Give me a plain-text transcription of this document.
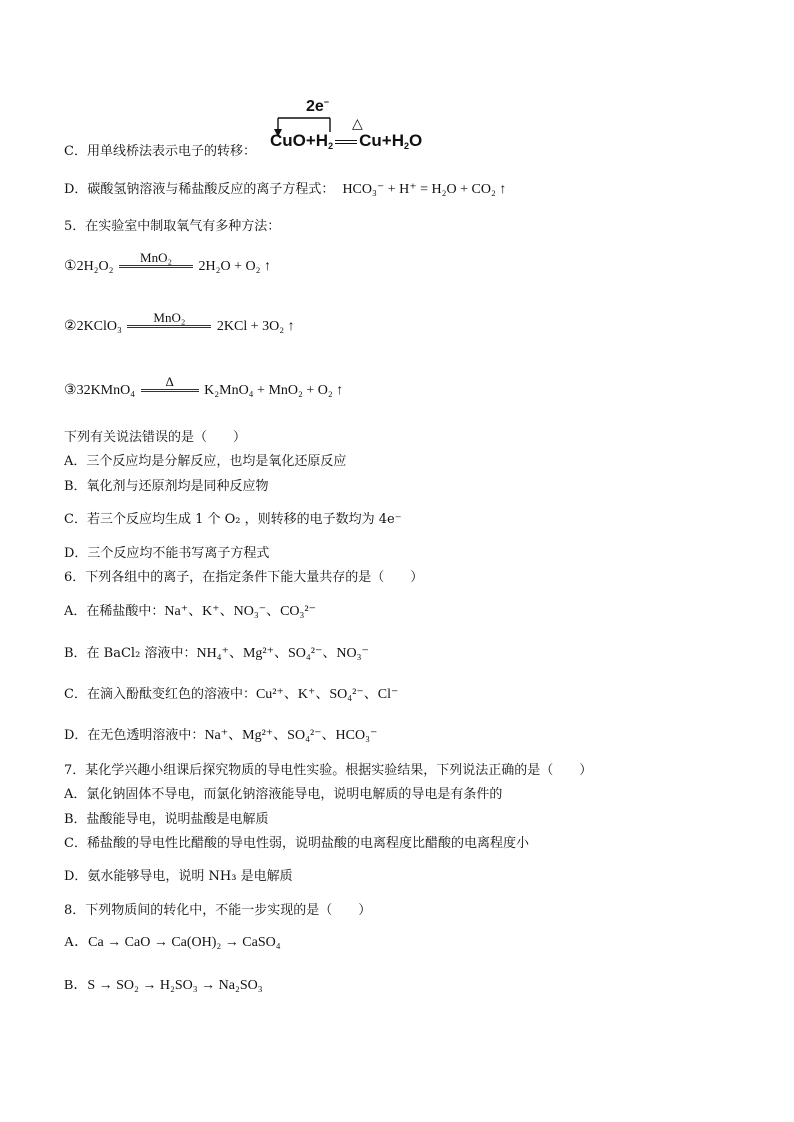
C．用单线桥法表示电子的转移：
2e−
△
$CuO+H_2$ $Cu+H_2O$
D．碳酸氢钠溶液与稀盐酸反应的离子方程式： HCO₃⁻ + H⁺ = H₂O + CO₂ ↑
5．在实验室中制取氧气有多种方法：
①2H₂O₂
MnO₂
2H₂O + O₂ ↑
②2KClO₃
MnO₂
2KCl + 3O₂ ↑
③32KMnO₄
Δ
K₂MnO₄ + MnO₂ + O₂ ↑
下列有关说法错误的是（　　）
A．三个反应均是分解反应，也均是氧化还原反应
B．氧化剂与还原剂均是同种反应物
C．若三个反应均生成 1 个 O₂ ，则转移的电子数均为 4e⁻
D．三个反应均不能书写离子方程式
6．下列各组中的离子，在指定条件下能大量共存的是（　　）
A．在稀盐酸中：Na⁺、K⁺、NO₃⁻、CO₃²⁻
B．在 BaCl₂ 溶液中：NH₄⁺、Mg²⁺、SO₄²⁻、NO₃⁻
C．在滴入酚酞变红色的溶液中：Cu²⁺、K⁺、SO₄²⁻、Cl⁻
D．在无色透明溶液中：Na⁺、Mg²⁺、SO₄²⁻、HCO₃⁻
7．某化学兴趣小组课后探究物质的导电性实验。根据实验结果，下列说法正确的是（　　）
A．氯化钠固体不导电，而氯化钠溶液能导电，说明电解质的导电是有条件的
B．盐酸能导电，说明盐酸是电解质
C．稀盐酸的导电性比醋酸的导电性弱，说明盐酸的电离程度比醋酸的电离程度小
D．氨水能够导电，说明 NH₃ 是电解质
8．下列物质间的转化中，不能一步实现的是（　　）
A．Ca → CaO → Ca(OH)₂ → CaSO₄
B．S → SO₂ → H₂SO₃ → Na₂SO₃
